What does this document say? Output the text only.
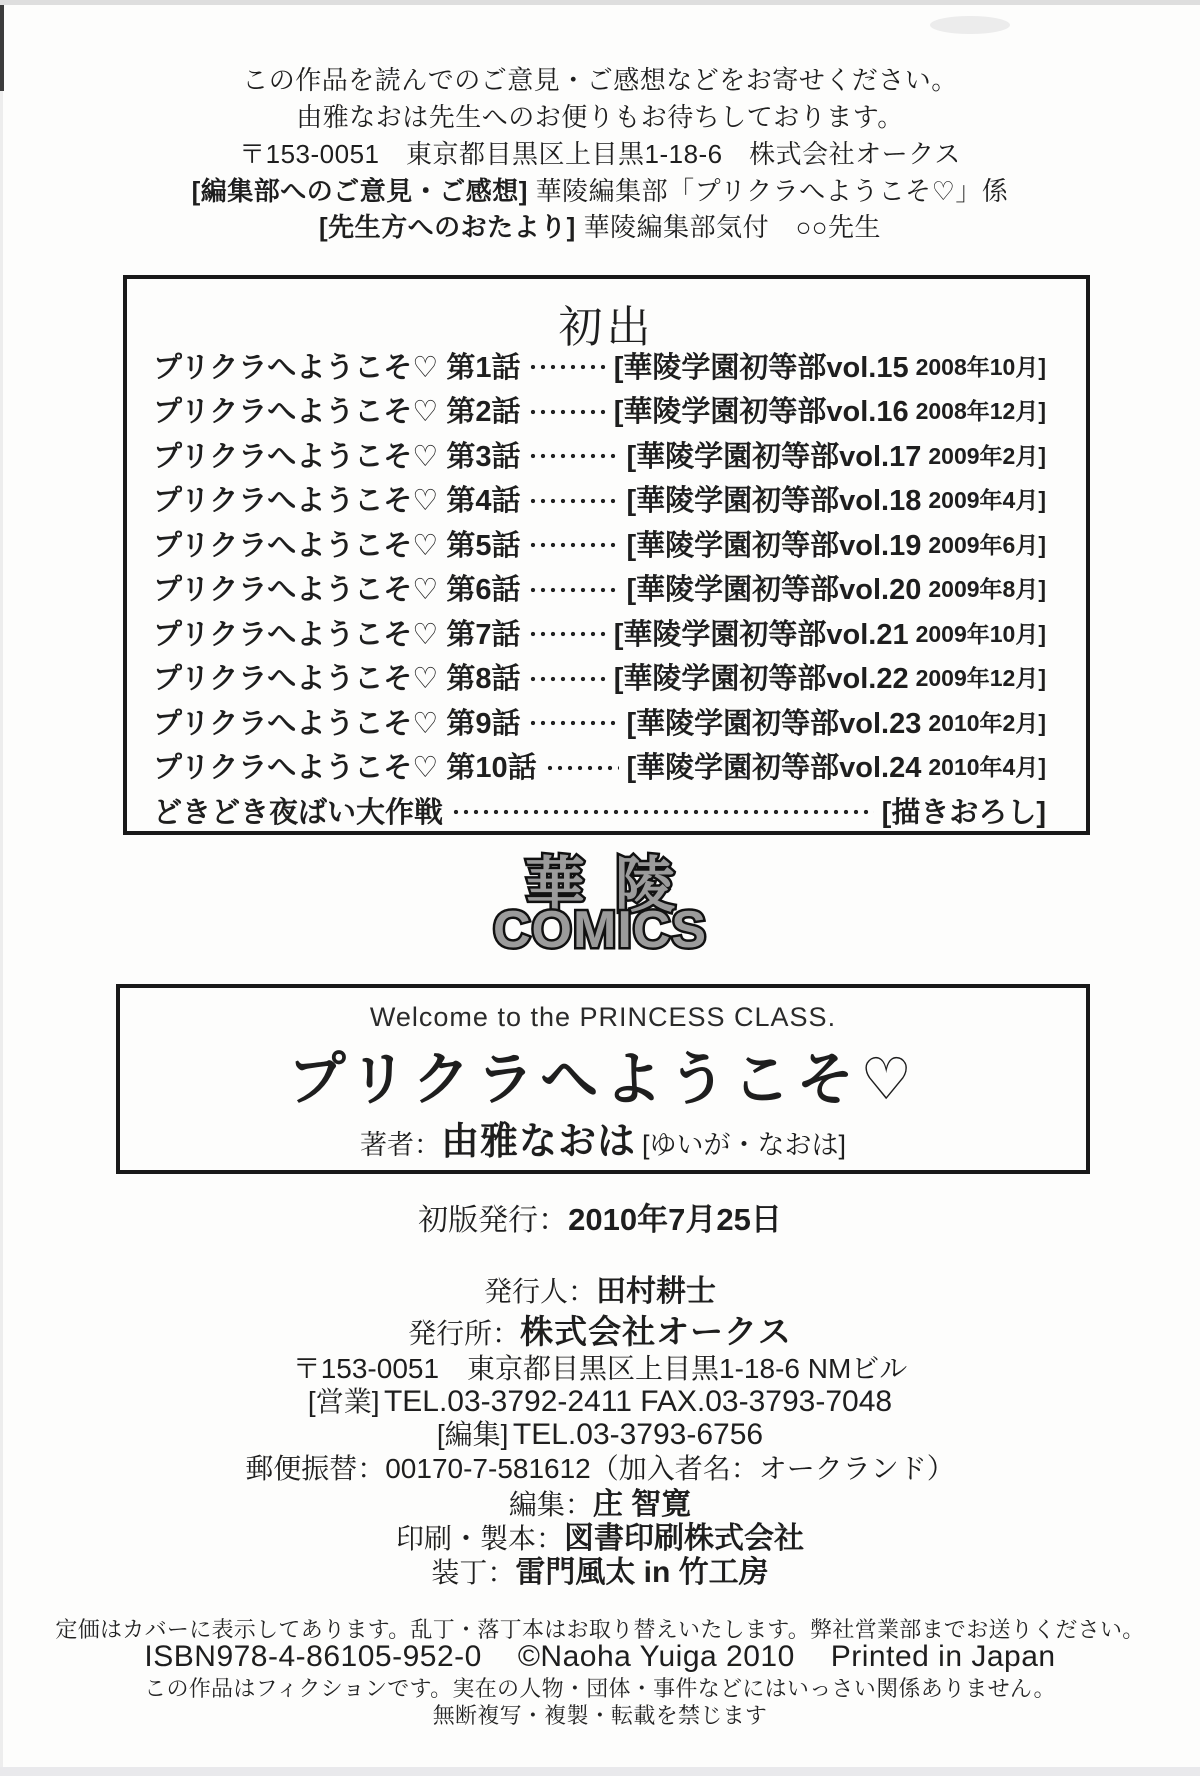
この作品を読んでのご意見・ご感想などをお寄せください。
由雅なおは先生へのお便りもお待ちしております。
〒153-0051　東京都目黒区上目黒1-18-6　株式会社オークス
[編集部へのご意見・ご感想] 華陵編集部「プリクラへようこそ♡」係
[先生方へのおたより] 華陵編集部気付　○○先生
初出
プリクラへようこそ♡ 第1話	[華陵学園初等部vol.15 2008年10月]
プリクラへようこそ♡ 第2話	[華陵学園初等部vol.16 2008年12月]
プリクラへようこそ♡ 第3話	[華陵学園初等部vol.17 2009年2月]
プリクラへようこそ♡ 第4話	[華陵学園初等部vol.18 2009年4月]
プリクラへようこそ♡ 第5話	[華陵学園初等部vol.19 2009年6月]
プリクラへようこそ♡ 第6話	[華陵学園初等部vol.20 2009年8月]
プリクラへようこそ♡ 第7話	[華陵学園初等部vol.21 2009年10月]
プリクラへようこそ♡ 第8話	[華陵学園初等部vol.22 2009年12月]
プリクラへようこそ♡ 第9話	[華陵学園初等部vol.23 2010年2月]
プリクラへようこそ♡ 第10話	[華陵学園初等部vol.24 2010年4月]
どきどき夜ばい大作戦	[描きおろし]
華陵
COMICS
Welcome to the PRINCESS CLASS.
プリクラへようこそ♡
著者：由雅なおは [ゆいが・なおは]
初版発行：2010年7月25日
発行人：田村耕士
発行所：株式会社オークス
〒153-0051　東京都目黒区上目黒1-18-6 NMビル
[営業] TEL.03-3792-2411 FAX.03-3793-7048
[編集] TEL.03-3793-6756
郵便振替：00170-7-581612（加入者名：オークランド）
編集：庄 智寛
印刷・製本：図書印刷株式会社
装丁：雷門風太 in 竹工房
定価はカバーに表示してあります。乱丁・落丁本はお取り替えいたします。弊社営業部までお送りください。
ISBN978-4-86105-952-0 ©Naoha Yuiga 2010 Printed in Japan
この作品はフィクションです。実在の人物・団体・事件などにはいっさい関係ありません。
無断複写・複製・転載を禁じます
